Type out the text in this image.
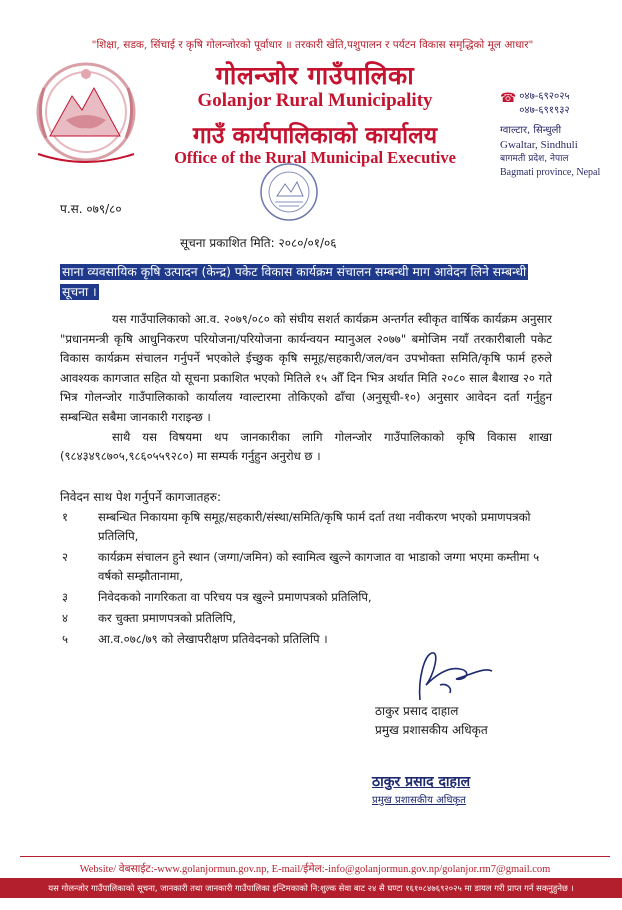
"शिक्षा, सडक, सिंचाई र कृषि गोलन्जोरको पूर्वाधार ॥ तरकारी खेति,पशुपालन र पर्यटन विकास समृद्धिको मूल आधार"
गोलन्जोर गाउँपालिका
Golanjor Rural Municipality
गाउँ कार्यपालिकाको कार्यालय
Office of the Rural Municipal Executive
☎ ०४७-६९२०२५
०४७-६९१९३२
ग्वाल्टार, सिन्धुली
Gwaltar, Sindhuli
बागमती प्रदेश, नेपाल
Bagmati province, Nepal
प.स. ०७९/८०
सूचना प्रकाशित मिति: २०८०/०१/०६
साना व्यवसायिक कृषि उत्पादन (केन्द्र) पकेट विकास कार्यक्रम संचालन सम्बन्धी माग आवेदन लिने सम्बन्धी सूचना ।

यस गाउँपालिकाको आ.व. २०७९/०८० को संघीय सशर्त कार्यक्रम अन्तर्गत स्वीकृत वार्षिक कार्यक्रम अनुसार "प्रधानमन्त्री कृषि आधुनिकरण परियोजना/परियोजना कार्यन्वयन म्यानुअल २०७७" बमोजिम नयाँ तरकारीबाली पकेट विकास कार्यक्रम संचालन गर्नुपर्ने भएकोले ईच्छुक कृषि समूह/सहकारी/जल/वन उपभोक्ता समिति/कृषि फार्म हरुले आवश्यक कागजात सहित यो सूचना प्रकाशित भएको मितिले १५ औँ दिन भित्र अर्थात मिति २०८० साल बैशाख २० गते भित्र गोलन्जोर गाउँपालिकाको कार्यालय ग्वाल्टारमा तोकिएको ढाँचा (अनुसूची-१०) अनुसार आवेदन दर्ता गर्नुहुन सम्बन्धित सबैमा जानकारी गराइन्छ ।

साथै यस विषयमा थप जानकारीका लागि गोलन्जोर गाउँपालिकाको कृषि विकास शाखा (९८४३४९८७०५,९८६०५५९२८०) मा सम्पर्क गर्नुहुन अनुरोध छ ।

निवेदन साथ पेश गर्नुपर्ने कागजातहरु:
१	सम्बन्धित निकायमा कृषि समूह/सहकारी/संस्था/समिति/कृषि फार्म दर्ता तथा नवीकरण भएको प्रमाणपत्रको प्रतिलिपि,
२	कार्यक्रम संचालन हुने स्थान (जग्गा/जमिन) को स्वामित्व खुल्ने कागजात वा भाडाको जग्गा भएमा कम्तीमा ५ वर्षको सम्झौतानामा,
३	निवेदकको नागरिकता वा परिचय पत्र खुल्ने प्रमाणपत्रको प्रतिलिपि,
४	कर चुक्ता प्रमाणपत्रको प्रतिलिपि,
५	आ.व.०७८/७९ को लेखापरीक्षण प्रतिवेदनको प्रतिलिपि ।
ठाकुर प्रसाद दाहाल
प्रमुख प्रशासकीय अधिकृत
ठाकुर प्रसाद दाहाल
प्रमुख प्रशासकीय अधिकृत
Website/ वेबसाईट:-www.golanjormun.gov.np, E-mail/ईमेल:-info@golanjormun.gov.np/golanjor.rm7@gmail.com
यस गोलन्जोर गाउँपालिकाको सूचना, जानकारी तथा जानकारी गाउँपालिका इन्टिमकाको नि:शुल्क सेवा बाट २४ सै घण्टा १६१०८४७६९२०२५ मा डायल गरी प्राप्त गर्न सकनुहुनेछ ।
